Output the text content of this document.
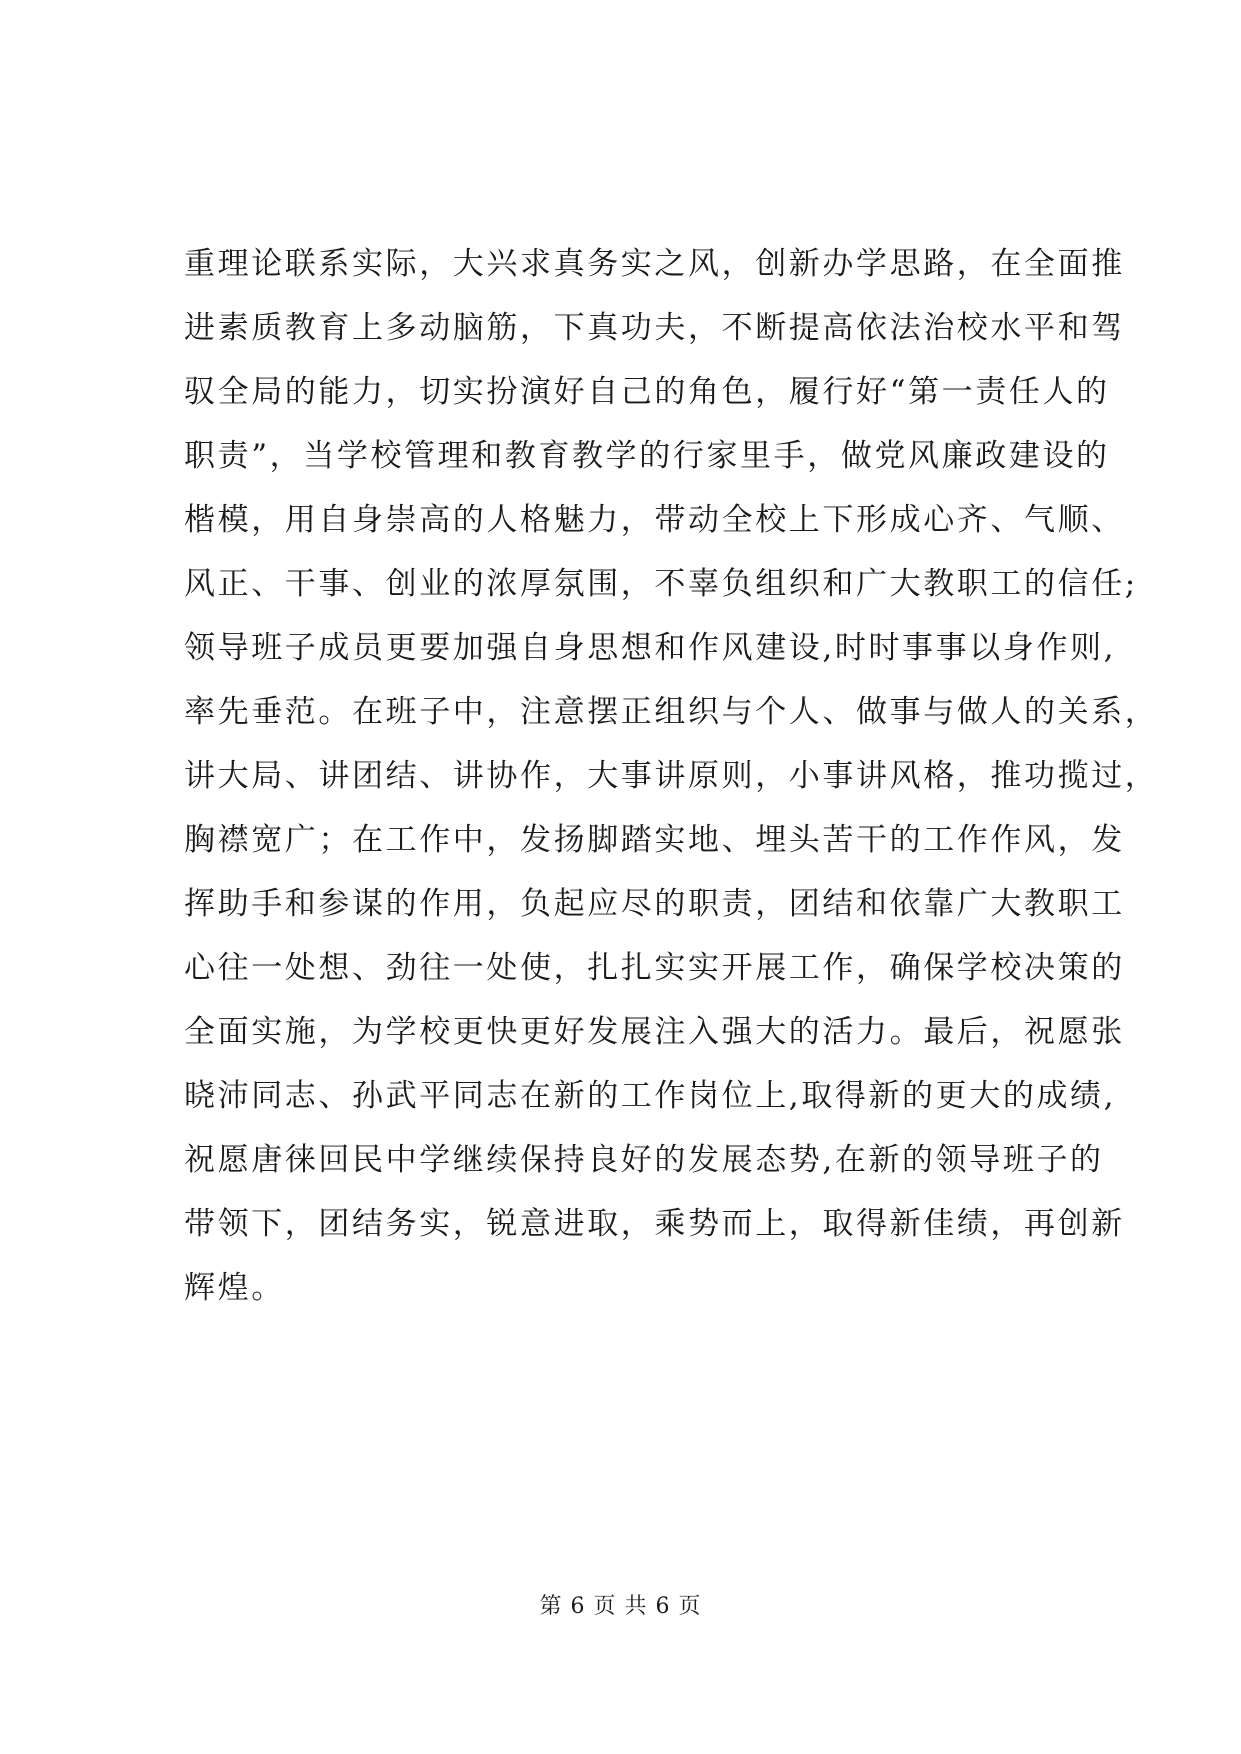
重理论联系实际，大兴求真务实之风，创新办学思路，在全面推
进素质教育上多动脑筋，下真功夫，不断提高依法治校水平和驾
驭全局的能力，切实扮演好自己的角色，履行好“第一责任人的
职责”，当学校管理和教育教学的行家里手，做党风廉政建设的
楷模，用自身崇高的人格魅力，带动全校上下形成心齐、气顺、
风正、干事、创业的浓厚氛围，不辜负组织和广大教职工的信任;
领导班子成员更要加强自身思想和作风建设,时时事事以身作则,
率先垂范。在班子中，注意摆正组织与个人、做事与做人的关系，
讲大局、讲团结、讲协作，大事讲原则，小事讲风格，推功揽过，
胸襟宽广；在工作中，发扬脚踏实地、埋头苦干的工作作风，发
挥助手和参谋的作用，负起应尽的职责，团结和依靠广大教职工
心往一处想、劲往一处使，扎扎实实开展工作，确保学校决策的
全面实施，为学校更快更好发展注入强大的活力。最后，祝愿张
晓沛同志、孙武平同志在新的工作岗位上,取得新的更大的成绩,
祝愿唐徕回民中学继续保持良好的发展态势,在新的领导班子的
带领下，团结务实，锐意进取，乘势而上，取得新佳绩，再创新
辉煌。
第 6 页 共 6 页
